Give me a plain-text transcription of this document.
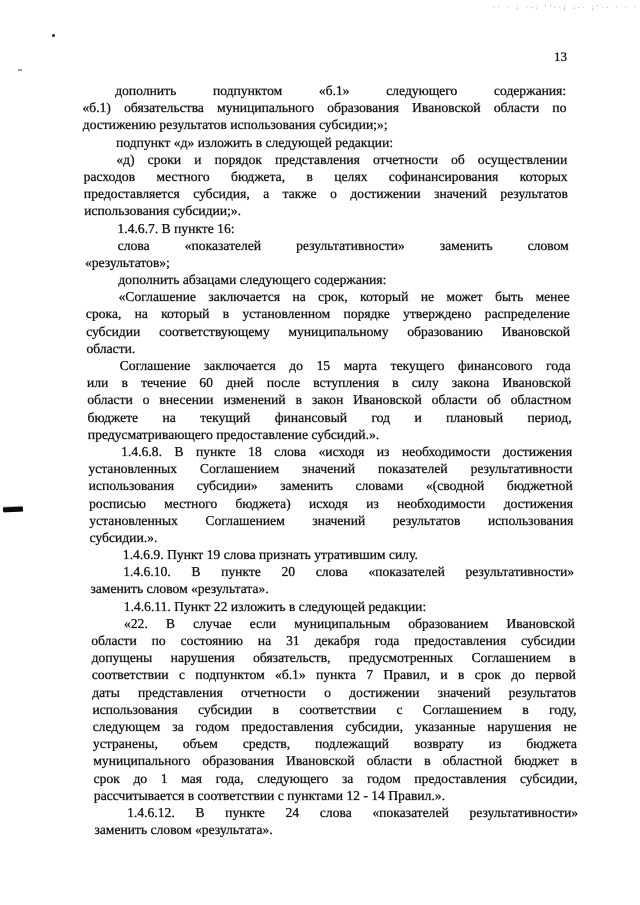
·· · : ·-: ''·-; :-· ;'·- · · ·
13
дополнить подпунктом «б.1» следующего содержания:
«б.1) обязательства муниципального образования Ивановской области по
достижению результатов использования субсидии;»;
подпункт «д» изложить в следующей редакции:
«д) сроки и порядок представления отчетности об осуществлении
расходов местного бюджета, в целях софинансирования которых
предоставляется субсидия, а также о достижении значений результатов
использования субсидии;».
1.4.6.7. В пункте 16:
слова «показателей результативности» заменить словом
«результатов»;
дополнить абзацами следующего содержания:
«Соглашение заключается на срок, который не может быть менее
срока, на который в установленном порядке утверждено распределение
субсидии соответствующему муниципальному образованию Ивановской
области.
Соглашение заключается до 15 марта текущего финансового года
или в течение 60 дней после вступления в силу закона Ивановской
области о внесении изменений в закон Ивановской области об областном
бюджете на текущий финансовый год и плановый период,
предусматривающего предоставление субсидий.».
1.4.6.8. В пункте 18 слова «исходя из необходимости достижения
установленных Соглашением значений показателей результативности
использования субсидии» заменить словами «(сводной бюджетной
росписью местного бюджета) исходя из необходимости достижения
установленных Соглашением значений результатов использования
субсидии.».
1.4.6.9. Пункт 19 слова признать утратившим силу.
1.4.6.10. В пункте 20 слова «показателей результативности»
заменить словом «результата».
1.4.6.11. Пункт 22 изложить в следующей редакции:
«22. В случае если муниципальным образованием Ивановской
области по состоянию на 31 декабря года предоставления субсидии
допущены нарушения обязательств, предусмотренных Соглашением в
соответствии с подпунктом «б.1» пункта 7 Правил, и в срок до первой
даты представления отчетности о достижении значений результатов
использования субсидии в соответствии с Соглашением в году,
следующем за годом предоставления субсидии, указанные нарушения не
устранены, объем средств, подлежащий возврату из бюджета
муниципального образования Ивановской области в областной бюджет в
срок до 1 мая года, следующего за годом предоставления субсидии,
рассчитывается в соответствии с пунктами 12 - 14 Правил.».
1.4.6.12. В пункте 24 слова «показателей результативности»
заменить словом «результата».
